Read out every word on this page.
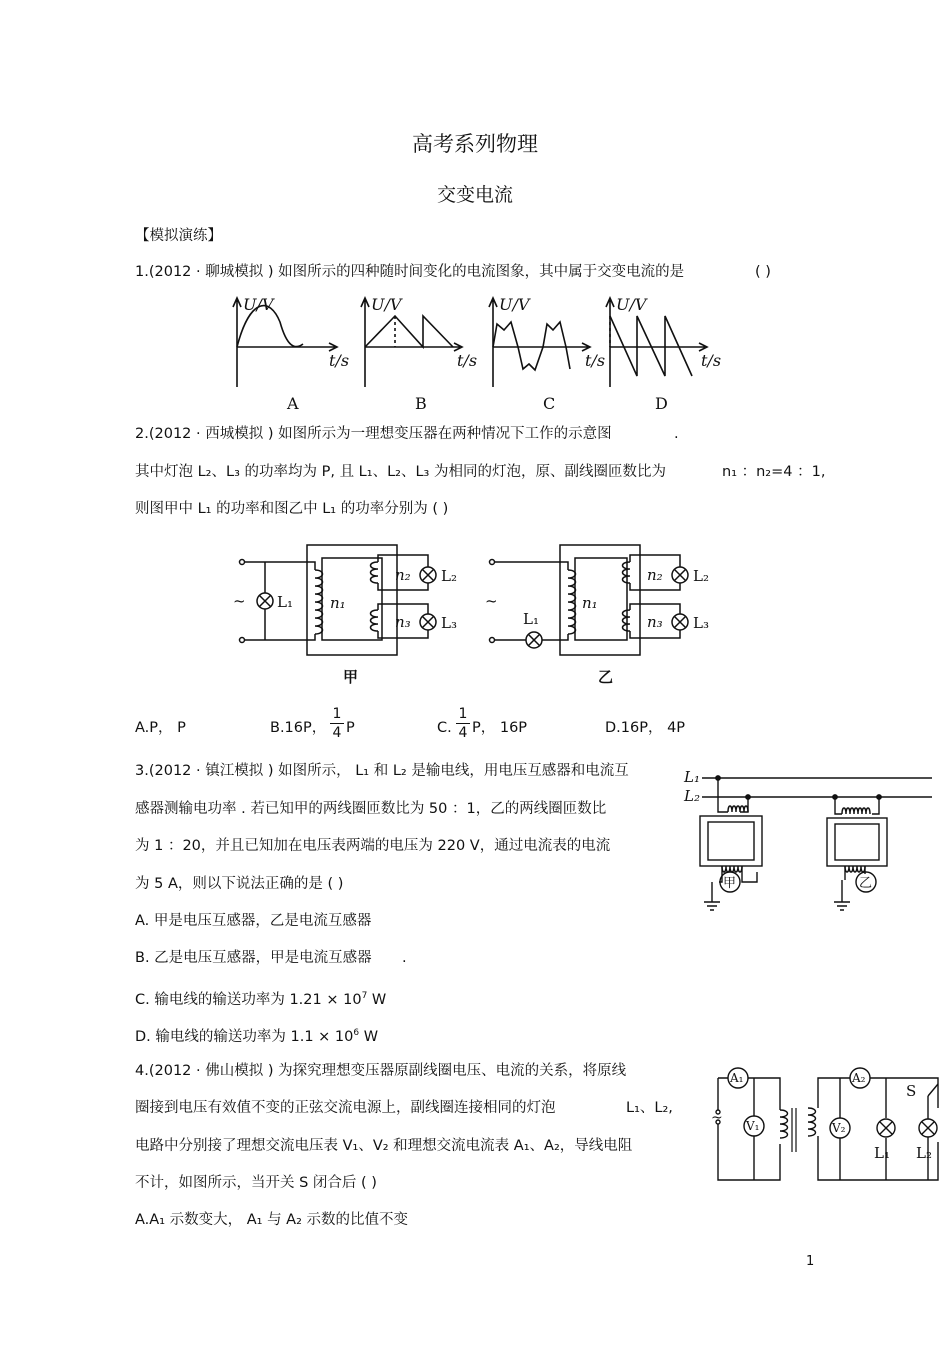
高考系列物理
交变电流
【模拟演练】
1.(2012 · 聊城模拟 ) 如图所示的四种随时间变化的电流图象，其中属于交变电流的是	( )
U/V	U/V	U/V	U/V
t/s	t/s	t/s	t/s
A	B	C	D
2.(2012 · 西城模拟 ) 如图所示为一理想变压器在两种情况下工作的示意图	.
其中灯泡 L₂、L₃ 的功率均为 P, 且 L₁、L₂、L₃ 为相同的灯泡，原、副线圈匝数比为	n₁ ：n₂=4 ：1,
则图甲中 L₁ 的功率和图乙中 L₁ 的功率分别为 ( )
~ L₁ n₁
n₂
n₃
L₂
L₃
甲
~
L₁
n₁
n₂
n₃
L₂
L₃
乙
A.P， P	B.16P，
1
4 P	C.
1
4 P， 16P	D.16P， 4P
3.(2012 · 镇江模拟 ) 如图所示， L₁ 和 L₂ 是输电线，用电压互感器和电流互
感器测输电功率 . 若已知甲的两线圈匝数比为 50 ：1，乙的两线圈匝数比
为 1 ：20，并且已知加在电压表两端的电压为 220 V，通过电流表的电流
为 5 A，则以下说法正确的是 ( )
A. 甲是电压互感器，乙是电流互感器
B. 乙是电压互感器，甲是电流互感器 .
C. 输电线的输送功率为 $1.21 \times 10^7$ W
D. 输电线的输送功率为 $1.1 \times 10^6$ W
L₁
L₂
甲	乙
4.(2012 · 佛山模拟 ) 为探究理想变压器原副线圈电压、电流的关系，将原线
圈接到电压有效值不变的正弦交流电源上，副线圈连接相同的灯泡	L₁、L₂,
电路中分别接了理想交流电压表 V₁、V₂ 和理想交流电流表 A₁、A₂，导线电阻
不计，如图所示，当开关 S 闭合后 ( )
A.A₁ 示数变大， A₁ 与 A₂ 示数的比值不变
A₁
V₁
A₂
V₂
~
L₁ L₂
S
1
